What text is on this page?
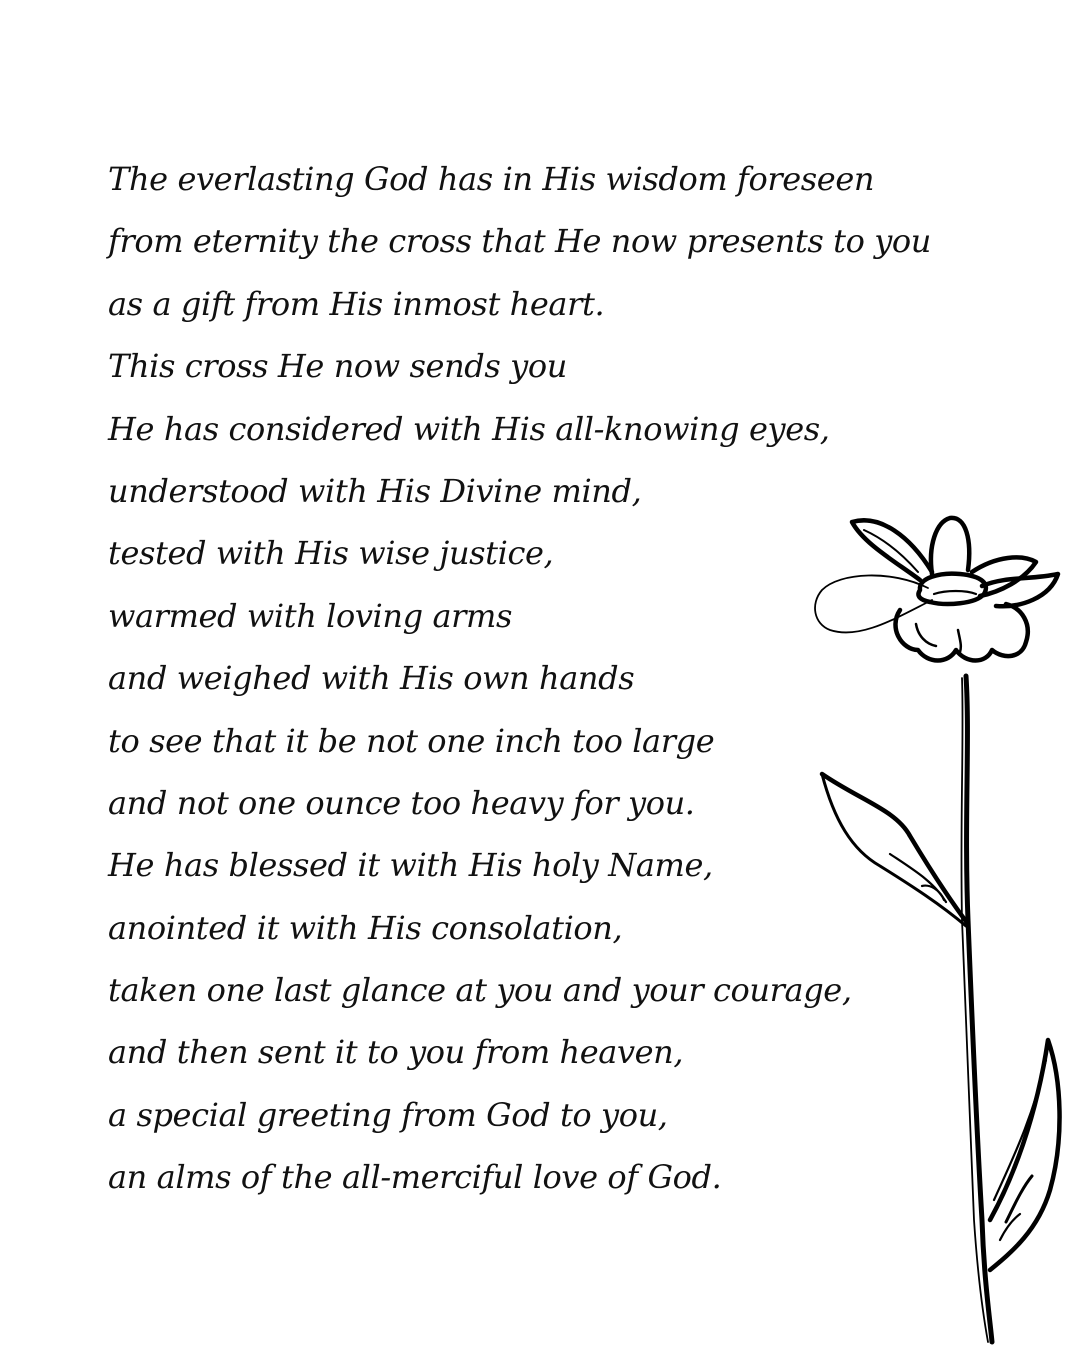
The everlasting God has in His wisdom foreseen
from eternity the cross that He now presents to you
as a gift from His inmost heart.
This cross He now sends you
He has considered with His all-knowing eyes,
understood with His Divine mind,
tested with His wise justice,
warmed with loving arms
and weighed with His own hands
to see that it be not one inch too large
and not one ounce too heavy for you.
He has blessed it with His holy Name,
anointed it with His consolation,
taken one last glance at you and your courage,
and then sent it to you from heaven,
a special greeting from God to you,
an alms of the all-merciful love of God.
